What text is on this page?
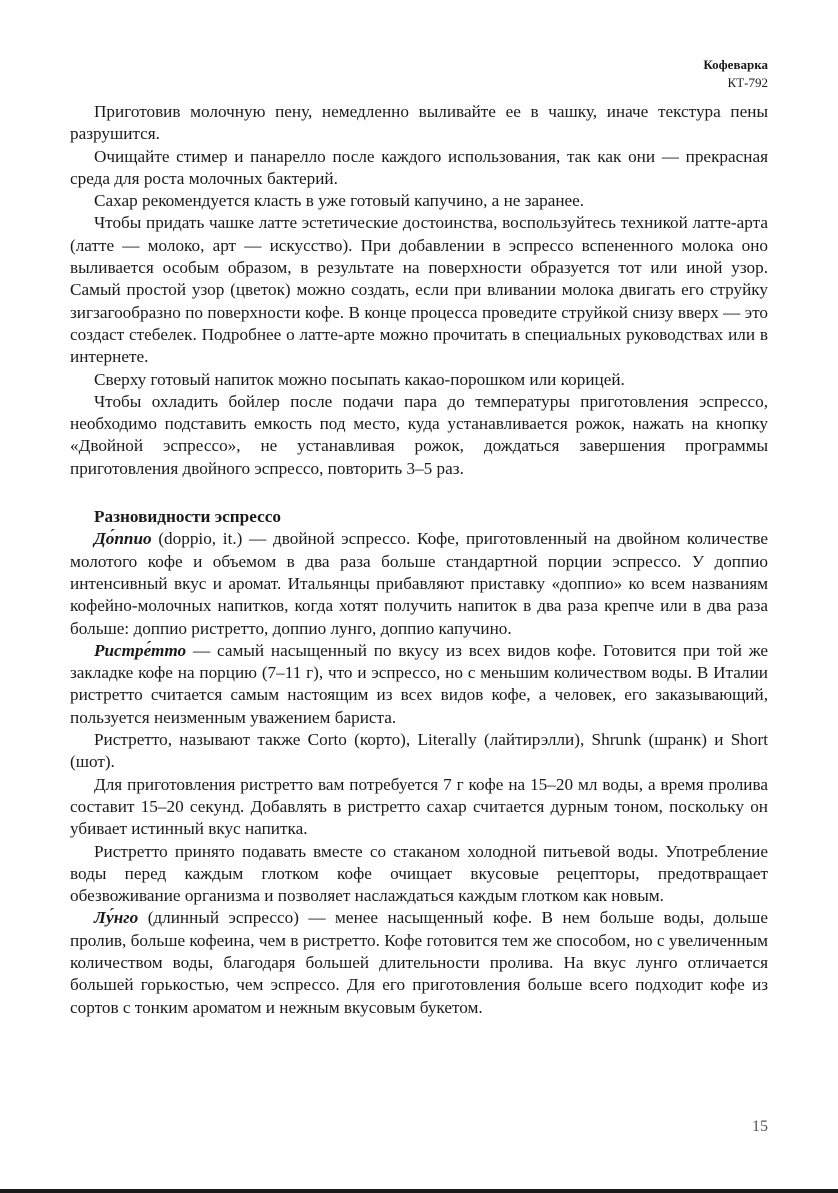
Кофеварка
КТ-792

Приготовив молочную пену, немедленно выливайте ее в чашку, иначе текстура пены разрушится.

Очищайте стимер и панарелло после каждого использования, так как они — прекрасная среда для роста молочных бактерий.

Сахар рекомендуется класть в уже готовый капучино, а не заранее.

Чтобы придать чашке латте эстетические достоинства, воспользуйтесь техникой латте-арта (латте — молоко, арт — искусство). При добавлении в эспрессо вспененного молока оно выливается особым образом, в результате на поверхности образуется тот или иной узор. Самый простой узор (цветок) можно создать, если при вливании молока двигать его струйку зигзагообразно по поверхности кофе. В конце процесса проведите струйкой снизу вверх — это создаст стебелек. Подробнее о латте-арте можно прочитать в специальных руководствах или в интернете.

Сверху готовый напиток можно посыпать какао-порошком или корицей.

Чтобы охладить бойлер после подачи пара до температуры приготовления эспрессо, необходимо подставить емкость под место, куда устанавливается рожок, нажать на кнопку «Двойной эспрессо», не устанавливая рожок, дождаться завершения программы приготовления двойного эспрессо, повторить 3–5 раз.

Разновидности эспрессо

До́ппио (doppio, it.) — двойной эспрессо. Кофе, приготовленный на двойном количестве молотого кофе и объемом в два раза больше стандартной порции эспрессо. У доппио интенсивный вкус и аромат. Итальянцы прибавляют приставку «доппио» ко всем названиям кофейно-молочных напитков, когда хотят получить напиток в два раза крепче или в два раза больше: доппио ристретто, доппио лунго, доппио капучино.

Ристре́тто — самый насыщенный по вкусу из всех видов кофе. Готовится при той же закладке кофе на порцию (7–11 г), что и эспрессо, но с меньшим количеством воды. В Италии ристретто считается самым настоящим из всех видов кофе, а человек, его заказывающий, пользуется неизменным уважением бариста.

Ристретто, называют также Corto (корто), Literally (лайтирэлли), Shrunk (шранк) и Short (шот).

Для приготовления ристретто вам потребуется 7 г кофе на 15–20 мл воды, а время пролива составит 15–20 секунд. Добавлять в ристретто сахар считается дурным тоном, поскольку он убивает истинный вкус напитка.

Ристретто принято подавать вместе со стаканом холодной питьевой воды. Употребление воды перед каждым глотком кофе очищает вкусовые рецепторы, предотвращает обезвоживание организма и позволяет наслаждаться каждым глотком как новым.

Лу́нго (длинный эспрессо) — менее насыщенный кофе. В нем больше воды, дольше пролив, больше кофеина, чем в ристретто. Кофе готовится тем же способом, но с увеличенным количеством воды, благодаря большей длительности пролива. На вкус лунго отличается большей горькостью, чем эспрессо. Для его приготовления больше всего подходит кофе из сортов с тонким ароматом и нежным вкусовым букетом.

15
